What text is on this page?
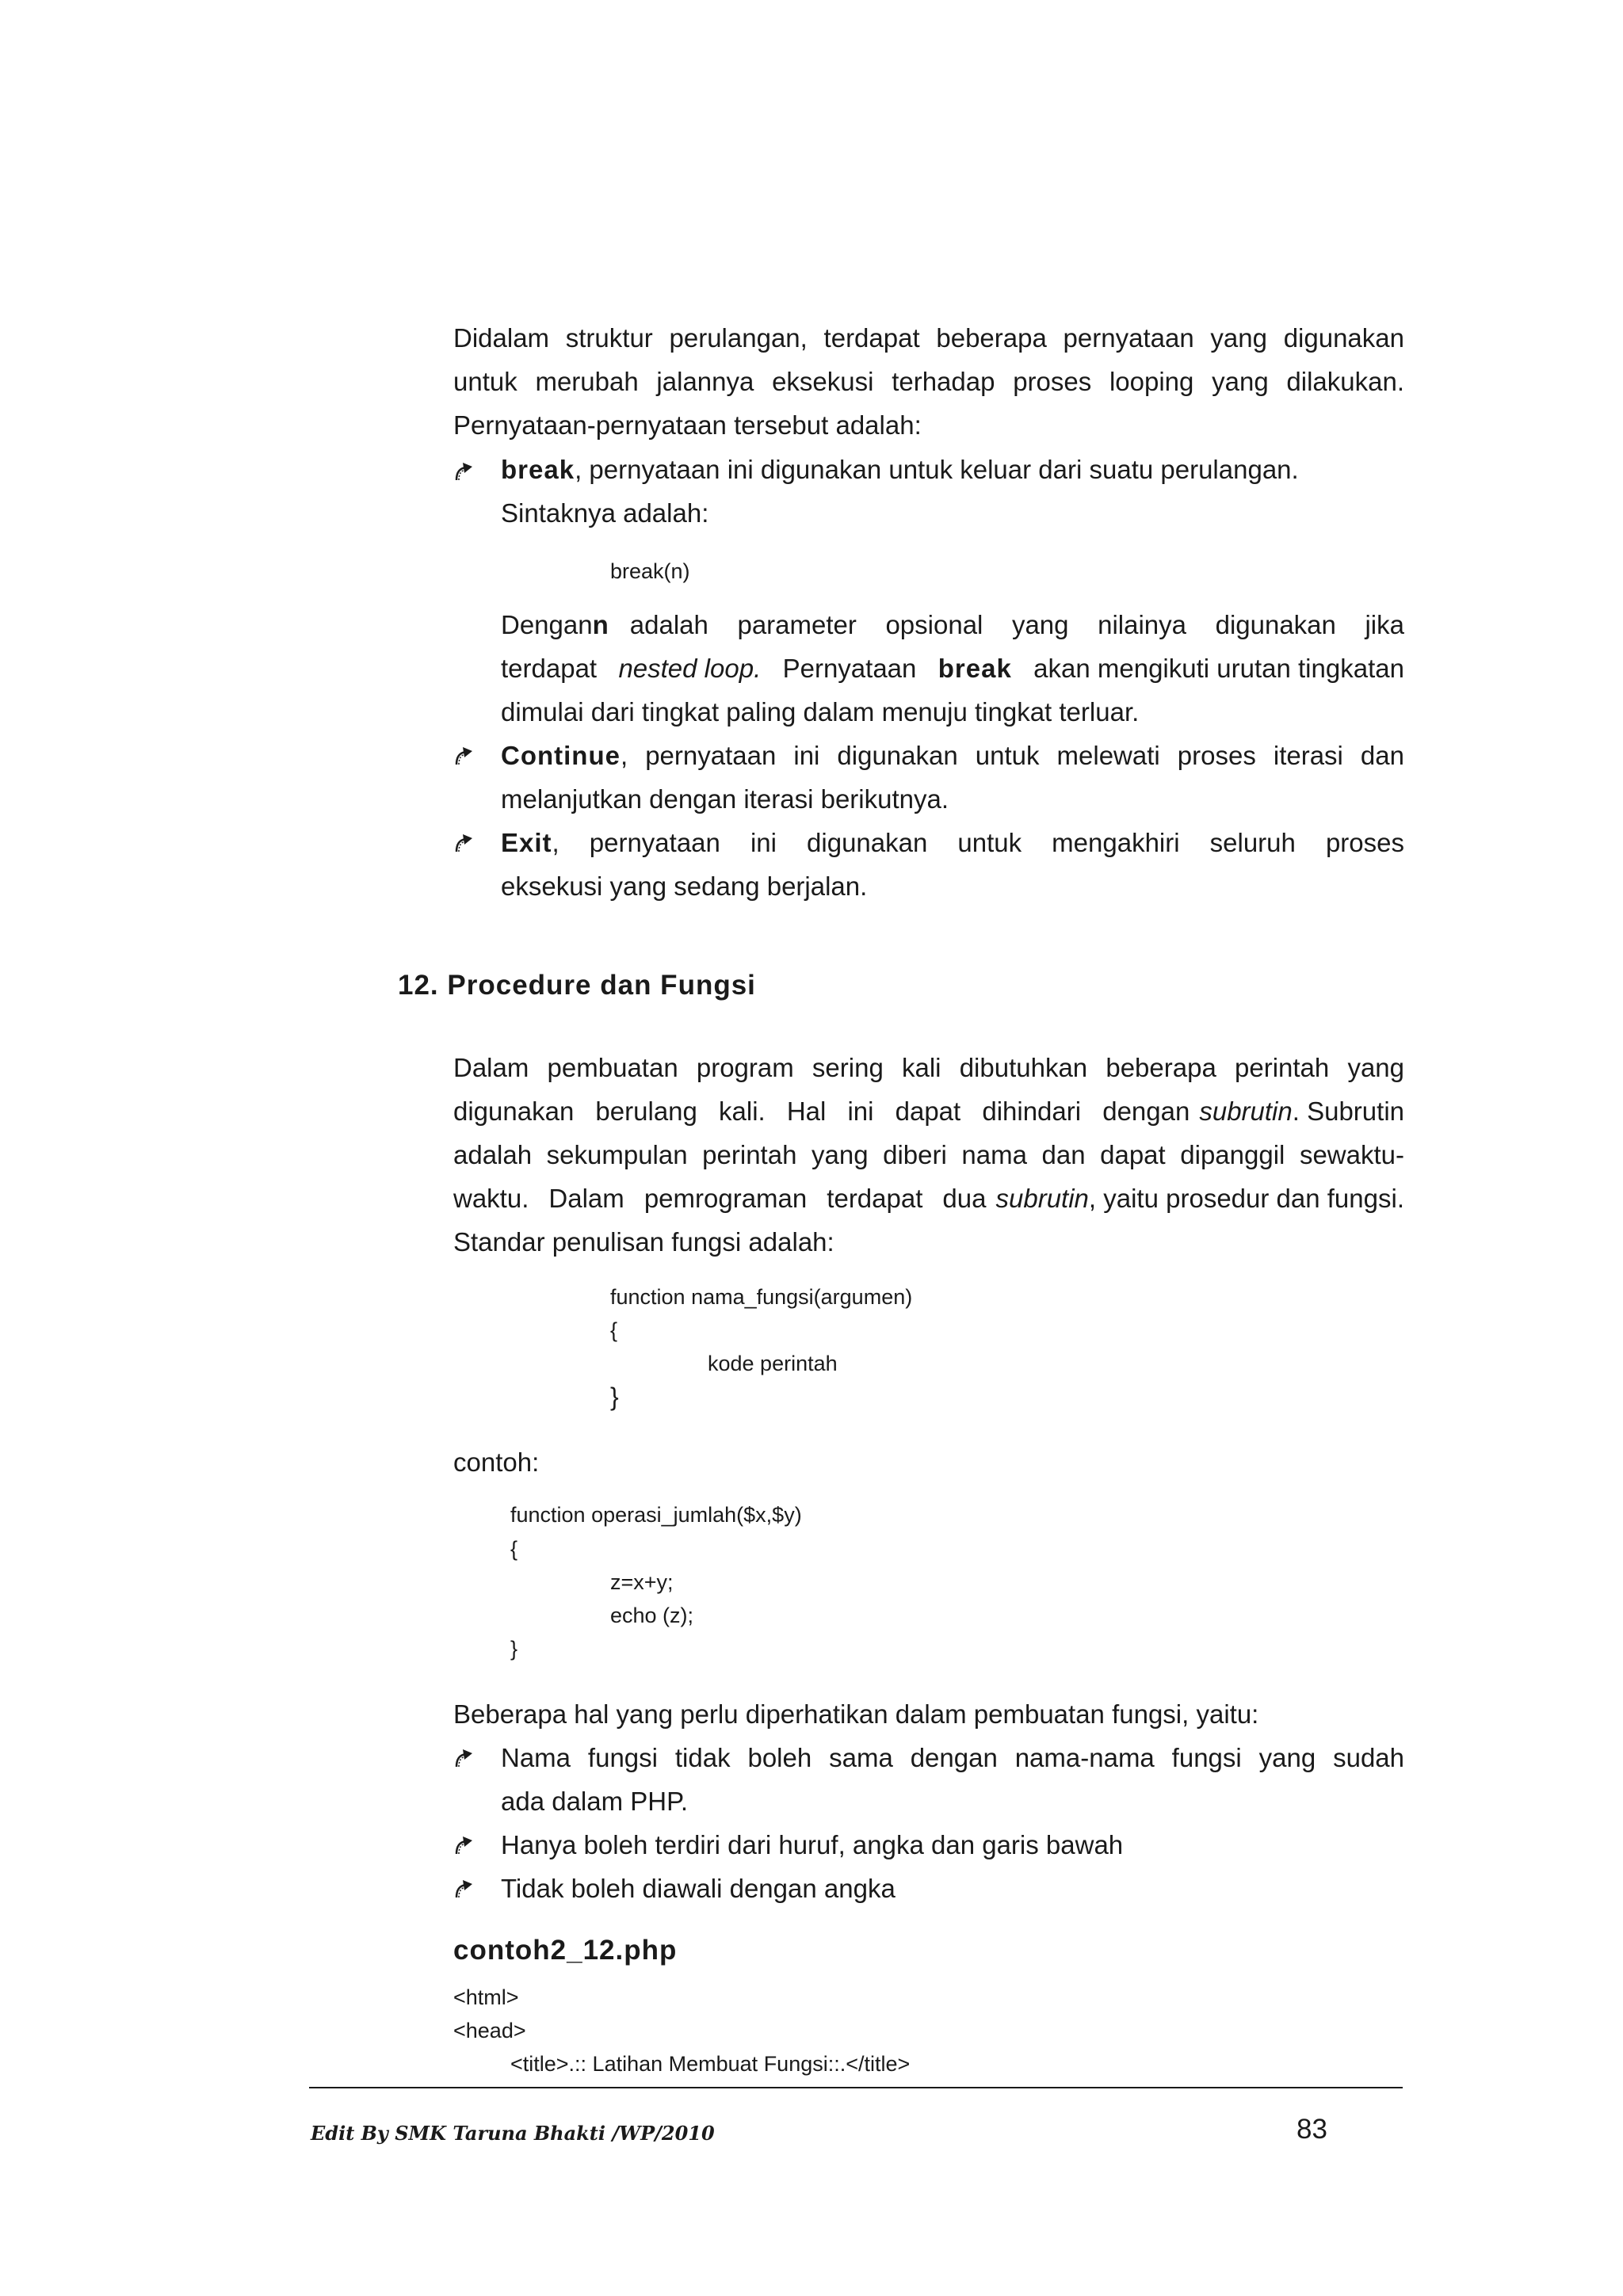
Didalam struktur perulangan, terdapat beberapa pernyataan yang digunakan
untuk merubah jalannya eksekusi terhadap proses looping yang dilakukan.
Pernyataan-pernyataan tersebut adalah:
break, pernyataan ini digunakan untuk keluar dari suatu perulangan.
Sintaknya adalah:
break(n)
Dengan n adalah parameter opsional yang nilainya digunakan jika
terdapat nested loop. Pernyataan break akan mengikuti urutan tingkatan
dimulai dari tingkat paling dalam menuju tingkat terluar.
Continue , pernyataan ini digunakan untuk melewati proses iterasi dan
melanjutkan dengan iterasi berikutnya.
Exit , pernyataan ini digunakan untuk mengakhiri seluruh proses
eksekusi yang sedang berjalan.
12. Procedure dan Fungsi
Dalam pembuatan program sering kali dibutuhkan beberapa perintah yang
digunakan berulang kali. Hal ini dapat dihindari dengan subrutin . Subrutin
adalah sekumpulan perintah yang diberi nama dan dapat dipanggil sewaktu-
waktu. Dalam pemrograman terdapat dua subrutin , yaitu prosedur dan fungsi.
Standar penulisan fungsi adalah:
function nama_fungsi(argumen)
{
kode perintah
}
contoh:
function operasi_jumlah($x,$y)
{
z=x+y;
echo (z);
}
Beberapa hal yang perlu diperhatikan dalam pembuatan fungsi, yaitu:
Nama fungsi tidak boleh sama dengan nama-nama fungsi yang sudah
ada dalam PHP.
Hanya boleh terdiri dari huruf, angka dan garis bawah
Tidak boleh diawali dengan angka
contoh2_12.php
<html>
<head>
<title>.:: Latihan Membuat Fungsi::.</title>
Edit By SMK Taruna Bhakti /WP/2010	83
